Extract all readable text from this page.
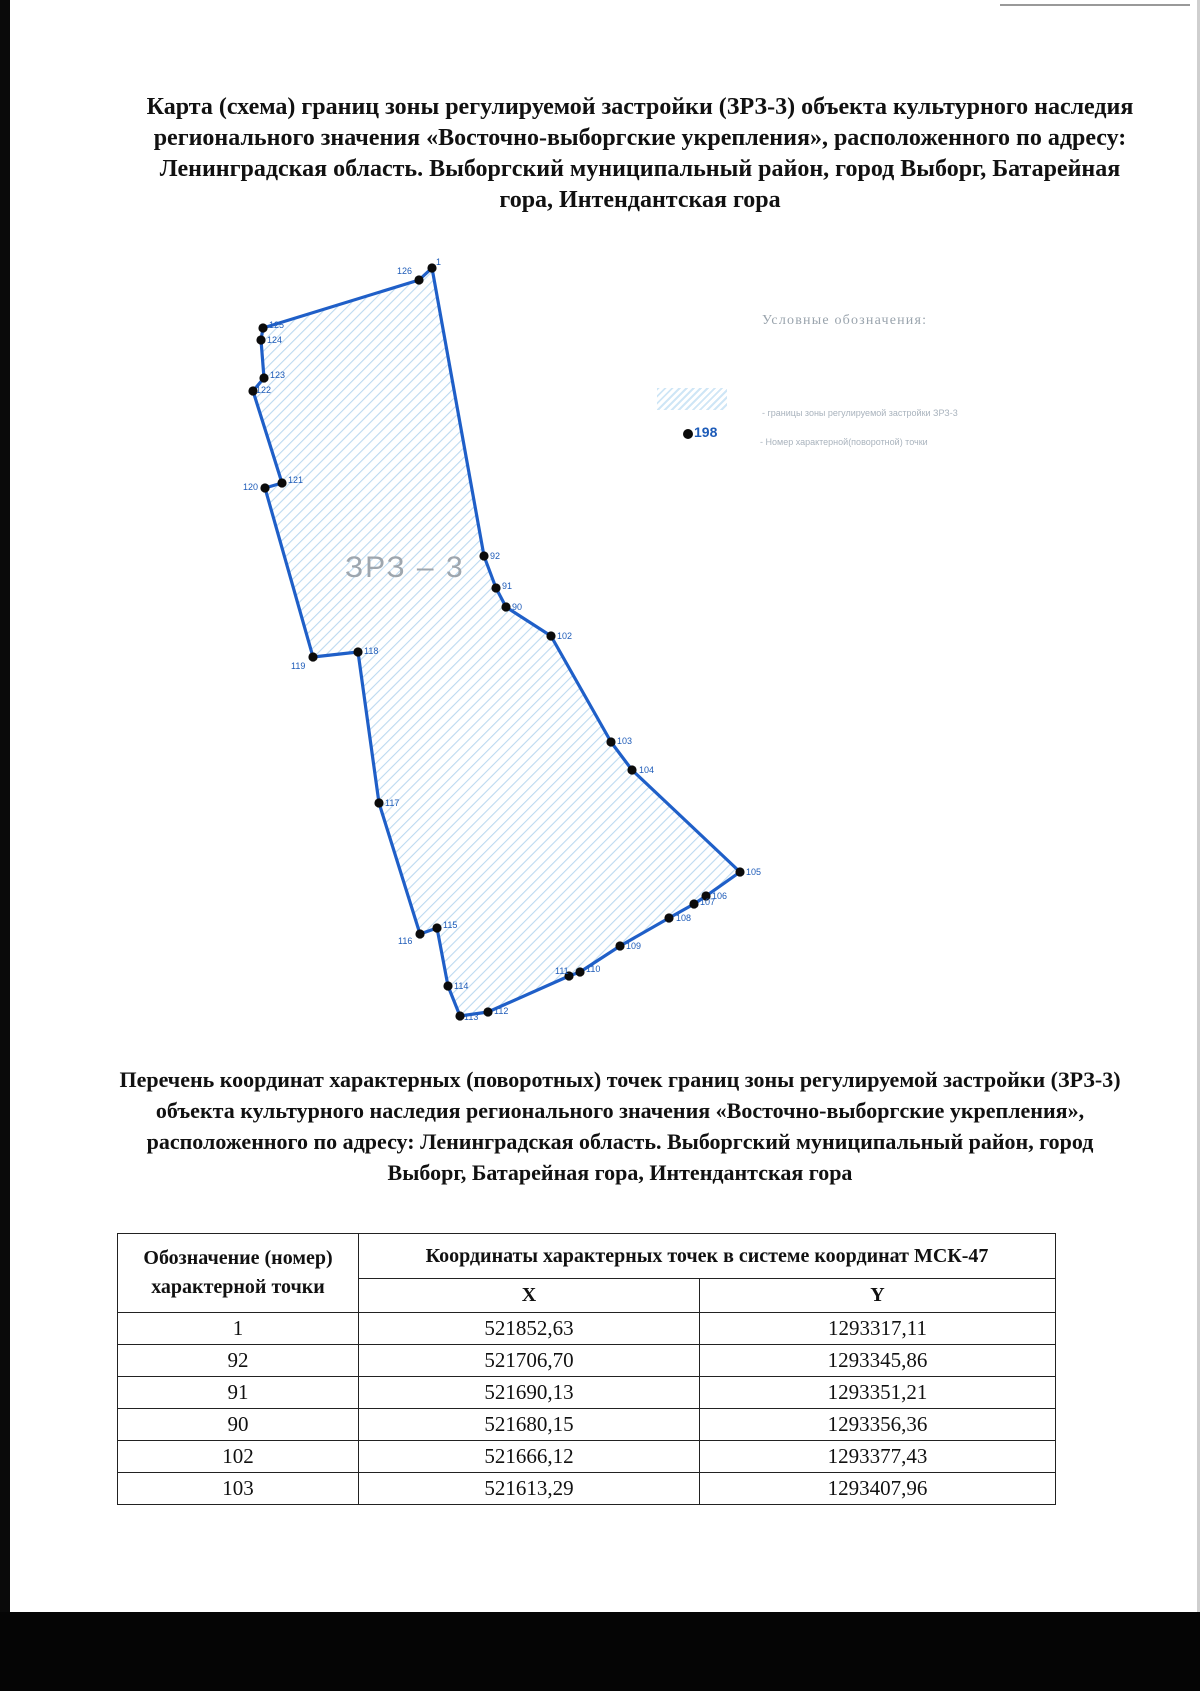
Карта (схема) границ зоны регулируемой застройки (ЗРЗ-3) объекта культурного наследия регионального значения «Восточно-выборгские укрепления», расположенного по адресу: Ленинградская область. Выборгский муниципальный район, город Выборг, Батарейная гора, Интендантская гора
ЗРЗ – 3
1
92
91
90
102
103
104
105
106
107
108
109
110
111
112
113
114
115
116
117
118
119
120
121
122
123
124
125
126
Условные обозначения:
- границы зоны регулируемой застройки ЗРЗ-3
198
- Номер характерной(поворотной) точки
Перечень координат характерных (поворотных) точек границ зоны регулируемой застройки (ЗРЗ-3) объекта культурного наследия регионального значения «Восточно-выборгские укрепления», расположенного по адресу: Ленинградская область. Выборгский муниципальный район, город Выборг, Батарейная гора, Интендантская гора
Обозначение (номер) характерной точки	Координаты характерных точек в системе координат МСК-47	
	X	Y
1	521852,63	1293317,11
92	521706,70	1293345,86
91	521690,13	1293351,21
90	521680,15	1293356,36
102	521666,12	1293377,43
103	521613,29	1293407,96
